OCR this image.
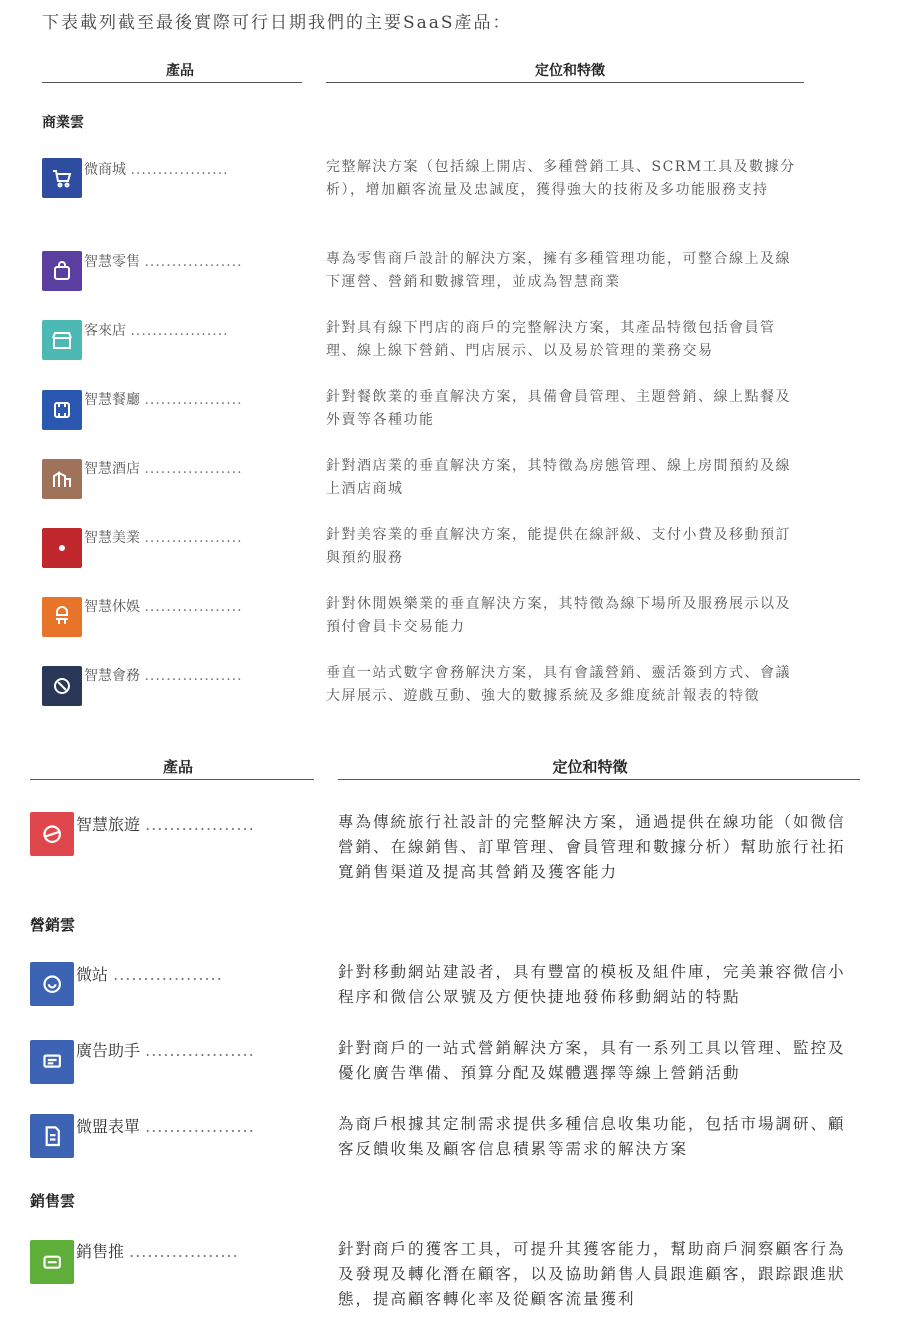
下表載列截至最後實際可行日期我們的主要SaaS產品：
產品	定位和特徵
商業雲
產品	定位和特徵
營銷雲
銷售雲
微商城 ..................	完整解決方案（包括線上開店、多種營銷工具、SCRM工具及數據分析），增加顧客流量及忠誠度，獲得強大的技術及多功能服務支持
智慧零售 ..................	專為零售商戶設計的解決方案，擁有多種管理功能，可整合線上及線下運營、營銷和數據管理，並成為智慧商業
客來店 ..................	針對具有線下門店的商戶的完整解決方案，其產品特徵包括會員管理、線上線下營銷、門店展示、以及易於管理的業務交易
智慧餐廳 ..................	針對餐飲業的垂直解決方案，具備會員管理、主題營銷、線上點餐及外賣等各種功能
智慧酒店 ..................	針對酒店業的垂直解決方案，其特徵為房態管理、線上房間預約及線上酒店商城
智慧美業 ..................	針對美容業的垂直解決方案，能提供在線評級、支付小費及移動預訂與預約服務
智慧休娛 ..................	針對休閒娛樂業的垂直解決方案，其特徵為線下場所及服務展示以及預付會員卡交易能力
智慧會務 ..................	垂直一站式數字會務解決方案，具有會議營銷、靈活簽到方式、會議大屏展示、遊戲互動、強大的數據系統及多維度統計報表的特徵
智慧旅遊 ..................	專為傳統旅行社設計的完整解決方案，通過提供在線功能（如微信營銷、在線銷售、訂單管理、會員管理和數據分析）幫助旅行社拓寬銷售渠道及提高其營銷及獲客能力
微站 ..................	針對移動網站建設者，具有豐富的模板及組件庫，完美兼容微信小程序和微信公眾號及方便快捷地發佈移動網站的特點
廣告助手 ..................	針對商戶的一站式營銷解決方案，具有一系列工具以管理、監控及優化廣告準備、預算分配及媒體選擇等線上營銷活動
微盟表單 ..................	為商戶根據其定制需求提供多種信息收集功能，包括市場調研、顧客反饋收集及顧客信息積累等需求的解決方案
銷售推 ..................	針對商戶的獲客工具，可提升其獲客能力，幫助商戶洞察顧客行為及發現及轉化潛在顧客，以及協助銷售人員跟進顧客，跟踪跟進狀態，提高顧客轉化率及從顧客流量獲利
